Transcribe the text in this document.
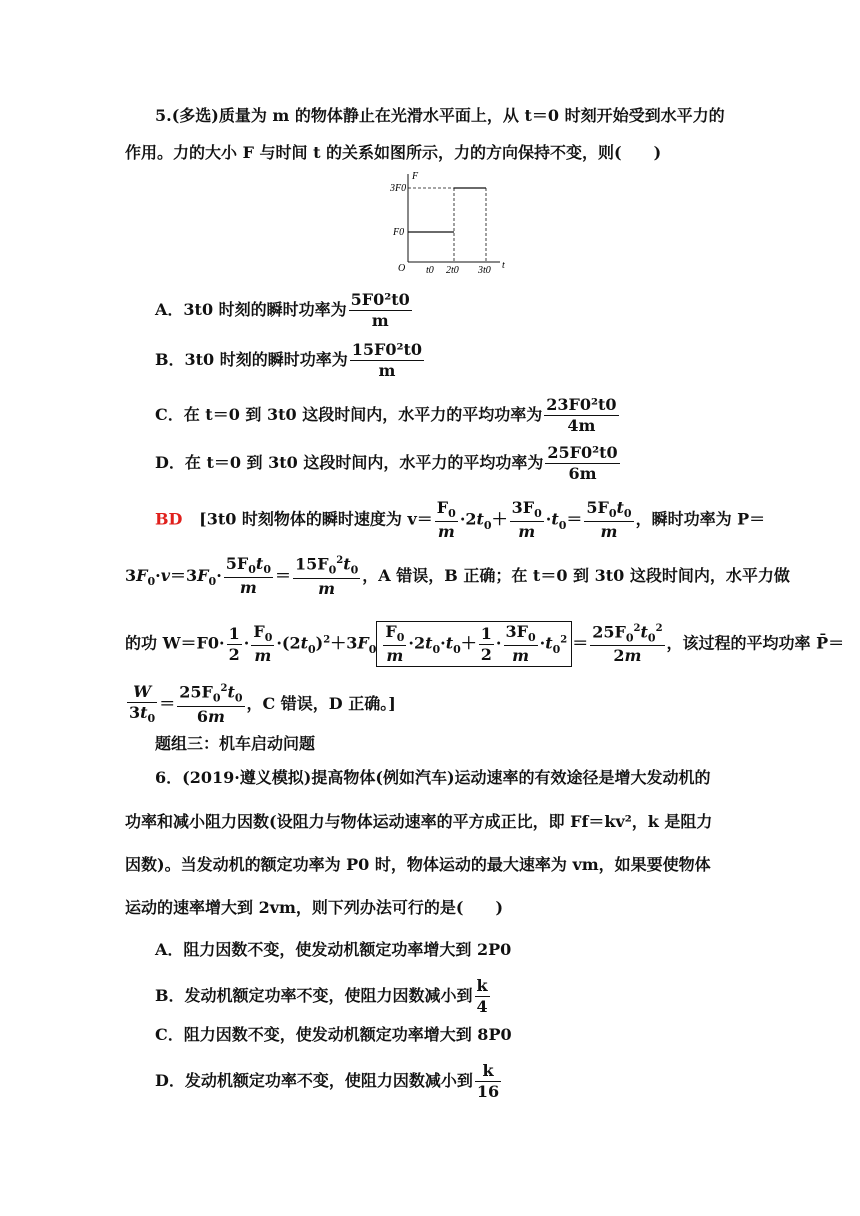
5.(多选)质量为 m 的物体静止在光滑水平面上，从 t＝0 时刻开始受到水平力的
作用。力的大小 F 与时间 t 的关系如图所示，力的方向保持不变，则(　　)
F
t
O
3F0
F0
t0 2t0 3t0
A．3t0 时刻的瞬时功率为 $\frac{\text{5F0²t0}}{m}$
B．3t0 时刻的瞬时功率为 $\frac{\text{15F0²t0}}{m}$
C．在 t＝0 到 3t0 这段时间内，水平力的平均功率为 $\frac{\text{23F0²t0}}{4m}$
D．在 t＝0 到 3t0 这段时间内，水平力的平均功率为 $\frac{\text{25F0²t0}}{6m}$
BD [3t0 时刻物体的瞬时速度为 $v= \frac{F_0}{m} \cdot 2t_0+ \frac{3F_0}{m} \cdot t_0= \frac{5F_0t_0}{m}$ ，瞬时功率为 P＝
$3F_0\cdot v=3F_0\cdot \frac{5F_0t_0}{m} = \frac{15F_0^2t_0}{m}$ ，A 错误，B 正确；在 t＝0 到 3t0 这段时间内，水平力做
的功 $W=F0\cdot \frac{1}{2} \cdot \frac{F_0}{m} \cdot(2t_0)^2+3F_0 \frac{F_0}{m} \cdot 2t_0\cdot t_0+ \frac{1}{2} \cdot \frac{3F_0}{m} \cdot t_0^2 = \frac{25F_0^2t_0^2}{2m}$ ，该过程的平均功率 P̄＝
$\frac{W}{3t_0} = \frac{25F_0^2t_0}{6m}$ ，C 错误，D 正确。]
题组三：机车启动问题
6．(2019·遵义模拟)提高物体(例如汽车)运动速率的有效途径是增大发动机的
功率和减小阻力因数(设阻力与物体运动速率的平方成正比，即 Ff＝kv²，k 是阻力
因数)。当发动机的额定功率为 P0 时，物体运动的最大速率为 vm，如果要使物体
运动的速率增大到 2vm，则下列办法可行的是(　　)
A．阻力因数不变，使发动机额定功率增大到 2P0
B．发动机额定功率不变，使阻力因数减小到 $\frac{k}{4}$
C．阻力因数不变，使发动机额定功率增大到 8P0
D．发动机额定功率不变，使阻力因数减小到 $\frac{k}{16}$
